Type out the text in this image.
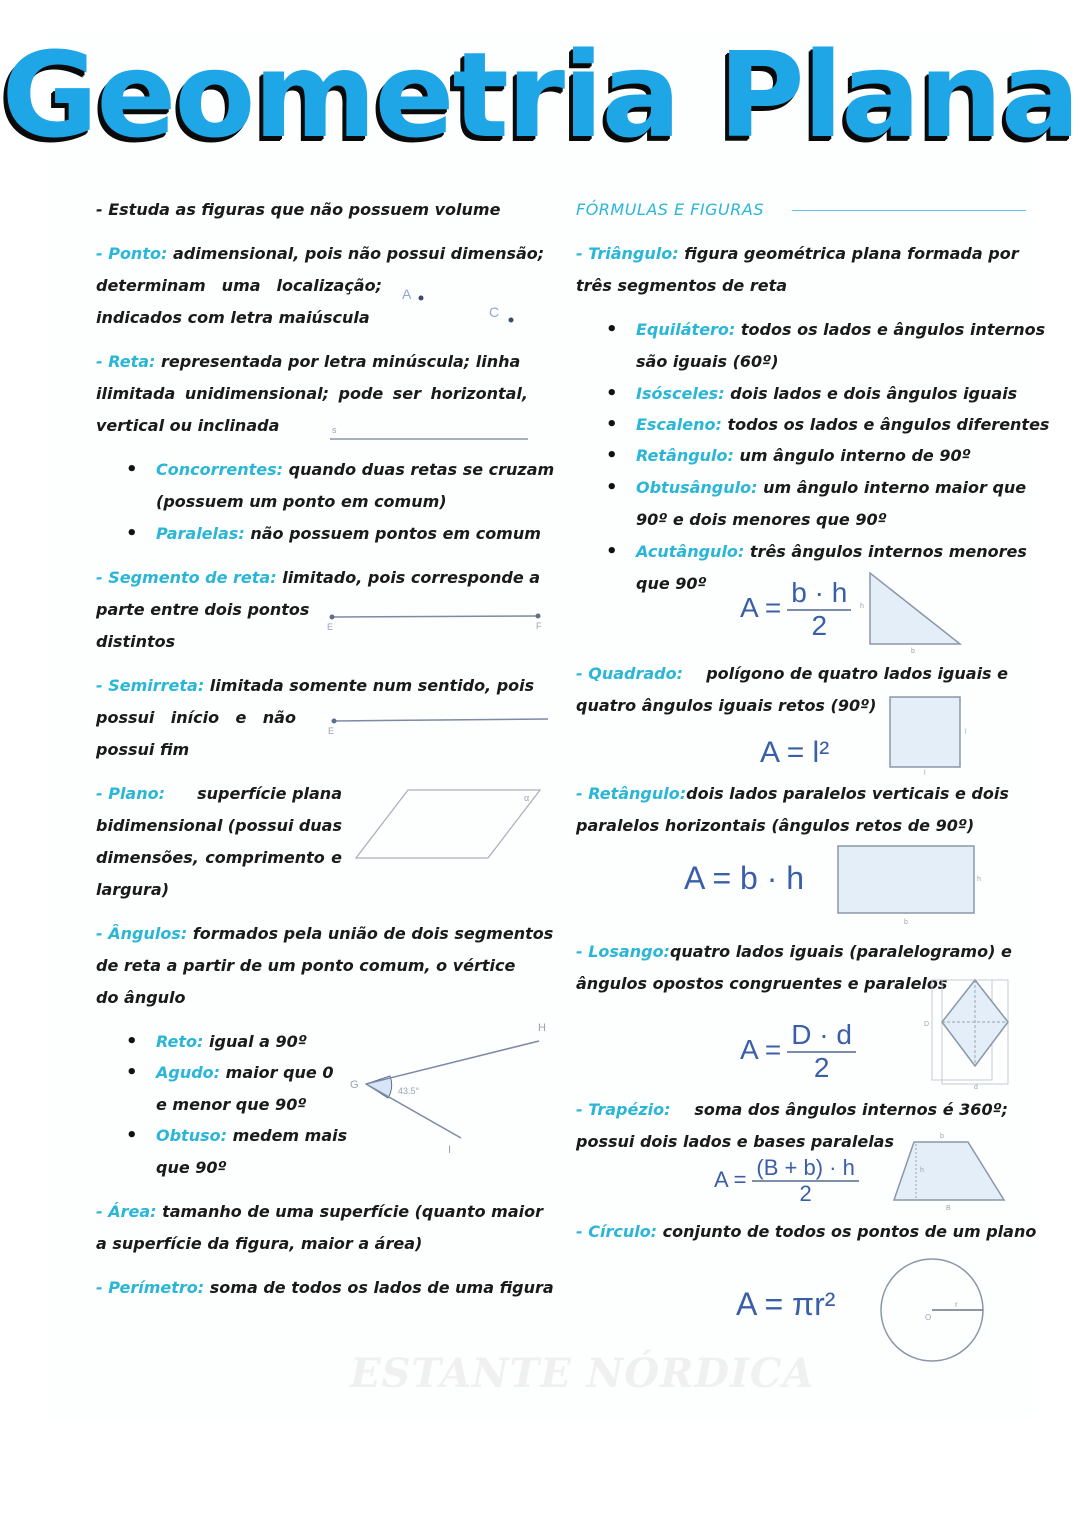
Geometria Plana
- Estuda as figuras que não possuem volume
- Ponto: adimensional, pois não possui dimensão;
determinam uma localização;
indicados com letra maiúscula
A
C
- Reta: representada por letra minúscula; linha
ilimitada unidimensional; pode ser horizontal,
vertical ou inclinada	s
• Concorrentes: quando duas retas se cruzam
(possuem um ponto em comum)
• Paralelas: não possuem pontos em comum
- Segmento de reta: limitado, pois corresponde a
parte entre dois pontos
distintos
E	F
- Semirreta: limitada somente num sentido, pois
possui início e não
possui fim
E
- Plano: superfície plana
bidimensional (possui duas
dimensões, comprimento e
largura)
α
- Ângulos: formados pela união de dois segmentos
de reta a partir de um ponto comum, o vértice
do ângulo
• Reto: igual a 90º
• Agudo: maior que 0
e menor que 90º
• Obtuso: medem mais
que 90º
H
G
I
43.5°
- Área: tamanho de uma superfície (quanto maior
a superfície da figura, maior a área)
- Perímetro: soma de todos os lados de uma figura
FÓRMULAS E FIGURAS
- Triângulo: figura geométrica plana formada por
três segmentos de reta
• Equilátero: todos os lados e ângulos internos
são iguais (60º)
• Isósceles: dois lados e dois ângulos iguais
• Escaleno: todos os lados e ângulos diferentes
• Retângulo: um ângulo interno de 90º
• Obtusângulo: um ângulo interno maior que
90º e dois menores que 90º
• Acutângulo: três ângulos internos menores
que 90º
$A = \frac{b \cdot h}{2}$ h
b
- Quadrado: polígono de quatro lados iguais e
quatro ângulos iguais retos (90º)
A = l²
l
l
- Retângulo: dois lados paralelos verticais e dois
paralelos horizontais (ângulos retos de 90º)
A = b · h	h
b
- Losango: quatro lados iguais (paralelogramo) e
ângulos opostos congruentes e paralelos
$A = \frac{D \cdot d}{2}$	D
d
- Trapézio: soma dos ângulos internos é 360º;
possui dois lados e bases paralelas
$A = \frac{(B + b) \cdot h}{2}$
b
h
B
- Círculo: conjunto de todos os pontos de um plano
A = πr²	r
O
ESTANTE NÓRDICA
